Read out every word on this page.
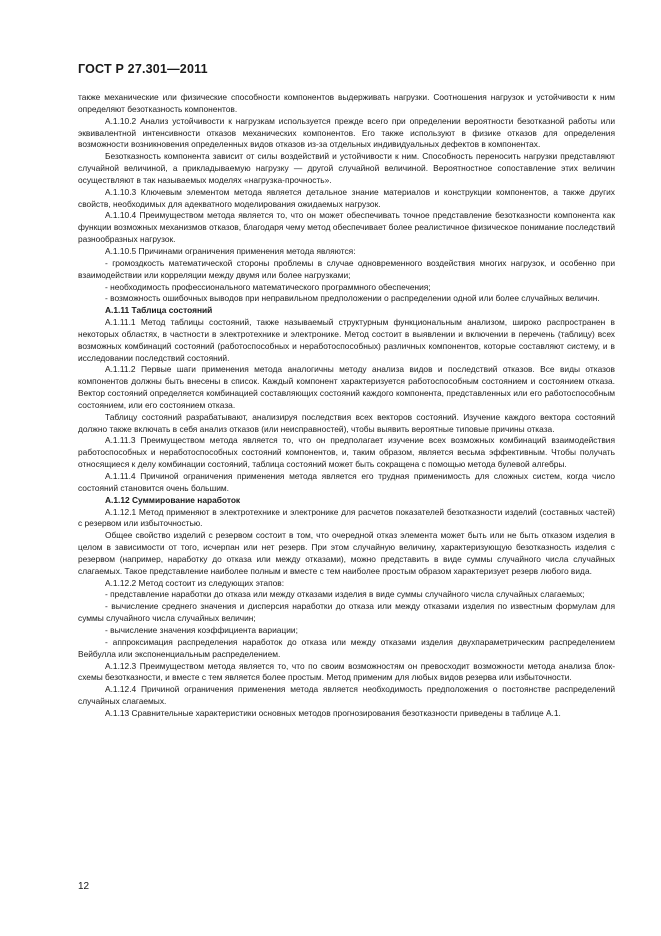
ГОСТ Р 27.301—2011

также механические или физические способности компонентов выдерживать нагрузки. Соотношения нагрузок и устойчивости к ним определяют безотказность компонентов.

А.1.10.2 Анализ устойчивости к нагрузкам используется прежде всего при определении вероятности безотказной работы или эквивалентной интенсивности отказов механических компонентов. Его также используют в физике отказов для определения возможности возникновения определенных видов отказов из-за отдельных индивидуальных дефектов в компонентах.

Безотказность компонента зависит от силы воздействий и устойчивости к ним. Способность переносить нагрузки представляют случайной величиной, а прикладываемую нагрузку — другой случайной величиной. Вероятностное сопоставление этих величин осуществляют в так называемых моделях «нагрузка-прочность».

А.1.10.3 Ключевым элементом метода является детальное знание материалов и конструкции компонентов, а также других свойств, необходимых для адекватного моделирования ожидаемых нагрузок.

А.1.10.4 Преимуществом метода является то, что он может обеспечивать точное представление безотказности компонента как функции возможных механизмов отказов, благодаря чему метод обеспечивает более реалистичное физическое понимание последствий разнообразных нагрузок.

А.1.10.5 Причинами ограничения применения метода являются:

- громоздкость математической стороны проблемы в случае одновременного воздействия многих нагрузок, и особенно при взаимодействии или корреляции между двумя или более нагрузками;

- необходимость профессионального математического программного обеспечения;

- возможность ошибочных выводов при неправильном предположении о распределении одной или более случайных величин.

А.1.11 Таблица состояний

А.1.11.1 Метод таблицы состояний, также называемый структурным функциональным анализом, широко распространен в некоторых областях, в частности в электротехнике и электронике. Метод состоит в выявлении и включении в перечень (таблицу) всех возможных комбинаций состояний (работоспособных и неработоспособных) различных компонентов, которые составляют систему, и в исследовании последствий состояний.

А.1.11.2 Первые шаги применения метода аналогичны методу анализа видов и последствий отказов. Все виды отказов компонентов должны быть внесены в список. Каждый компонент характеризуется работоспособным состоянием и состоянием отказа. Вектор состояний определяется комбинацией составляющих состояний каждого компонента, представленных или его работоспособным состоянием, или его состоянием отказа.

Таблицу состояний разрабатывают, анализируя последствия всех векторов состояний. Изучение каждого вектора состояний должно также включать в себя анализ отказов (или неисправностей), чтобы выявить вероятные типовые причины отказа.

А.1.11.3 Преимуществом метода является то, что он предполагает изучение всех возможных комбинаций взаимодействия работоспособных и неработоспособных состояний компонентов, и, таким образом, является весьма эффективным. Чтобы получать относящиеся к делу комбинации состояний, таблица состояний может быть сокращена с помощью метода булевой алгебры.

А.1.11.4 Причиной ограничения применения метода является его трудная применимость для сложных систем, когда число состояний становится очень большим.

А.1.12 Суммирование наработок

А.1.12.1 Метод применяют в электротехнике и электронике для расчетов показателей безотказности изделий (составных частей) с резервом или избыточностью.

Общее свойство изделий с резервом состоит в том, что очередной отказ элемента может быть или не быть отказом изделия в целом в зависимости от того, исчерпан или нет резерв. При этом случайную величину, характеризующую безотказность изделия с резервом (например, наработку до отказа или между отказами), можно представить в виде суммы случайного числа случайных слагаемых. Такое представление наиболее полным и вместе с тем наиболее простым образом характеризует резерв любого вида.

А.1.12.2 Метод состоит из следующих этапов:

- представление наработки до отказа или между отказами изделия в виде суммы случайного числа случайных слагаемых;

- вычисление среднего значения и дисперсия наработки до отказа или между отказами изделия по известным формулам для суммы случайного числа случайных величин;

- вычисление значения коэффициента вариации;

- аппроксимация распределения наработок до отказа или между отказами изделия двухпараметрическим распределением Вейбулла или экспоненциальным распределением.

А.1.12.3 Преимуществом метода является то, что по своим возможностям он превосходит возможности метода анализа блок-схемы безотказности, и вместе с тем является более простым. Метод применим для любых видов резерва или избыточности.

А.1.12.4 Причиной ограничения применения метода является необходимость предположения о постоянстве распределений случайных слагаемых.

А.1.13 Сравнительные характеристики основных методов прогнозирования безотказности приведены в таблице А.1.

12
